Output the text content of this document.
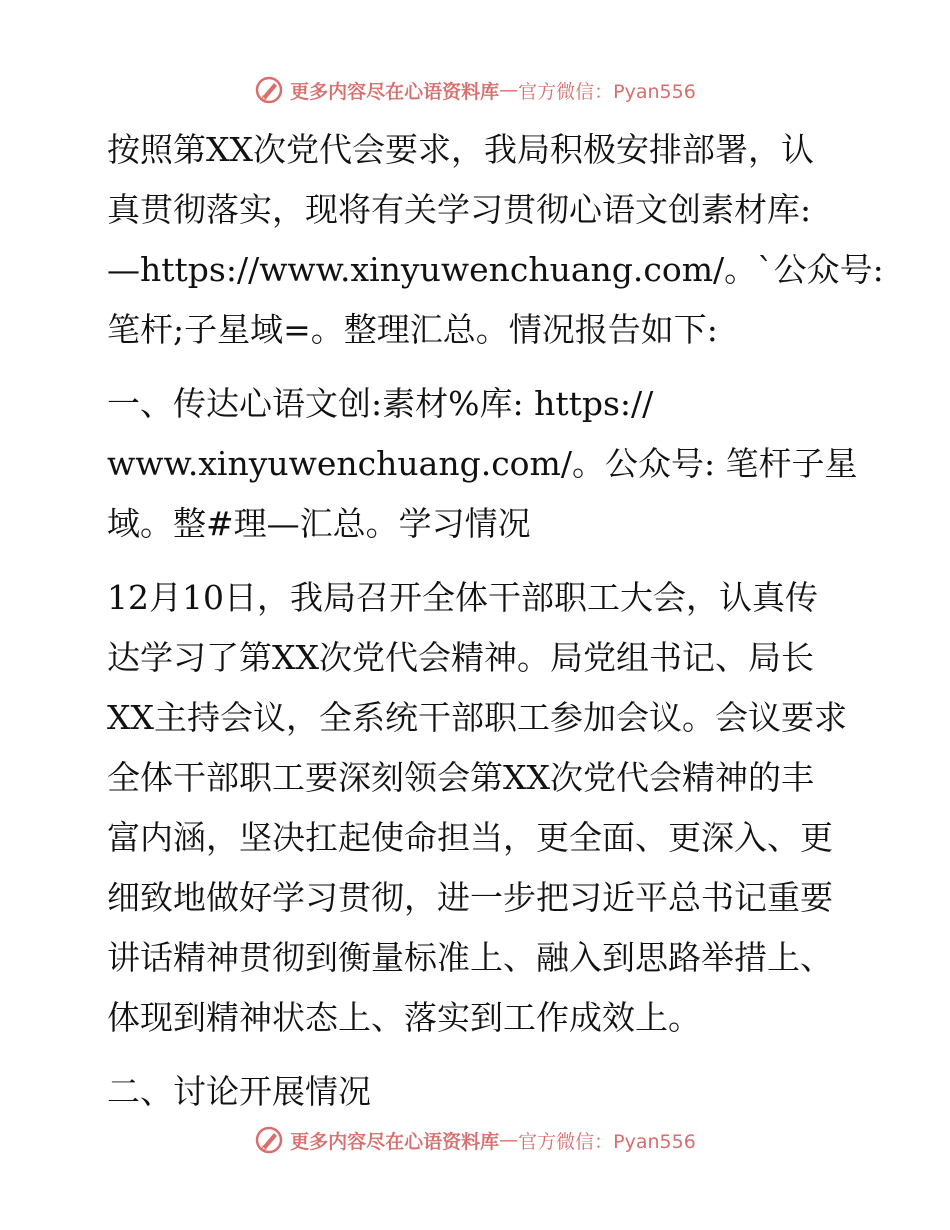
更多内容尽在心语资料库 — 官方微信：Pyan556
按照第XX次党代会要求，我局积极安排部署，认
真贯彻落实，现将有关学习贯彻心语文创素材库:
—https://www.xinyuwenchuang.com/。`公众号:
笔杆;子星域=。整理汇总。情况报告如下:
一、传达心语文创:素材%库: https://
www.xinyuwenchuang.com/。公众号: 笔杆子星
域。整#理—汇总。学习情况
12月10日，我局召开全体干部职工大会，认真传
达学习了第XX次党代会精神。局党组书记、局长
XX主持会议，全系统干部职工参加会议。会议要求
全体干部职工要深刻领会第XX次党代会精神的丰
富内涵，坚决扛起使命担当，更全面、更深入、更
细致地做好学习贯彻，进一步把习近平总书记重要
讲话精神贯彻到衡量标准上、融入到思路举措上、
体现到精神状态上、落实到工作成效上。
二、讨论开展情况
更多内容尽在心语资料库 — 官方微信：Pyan556
